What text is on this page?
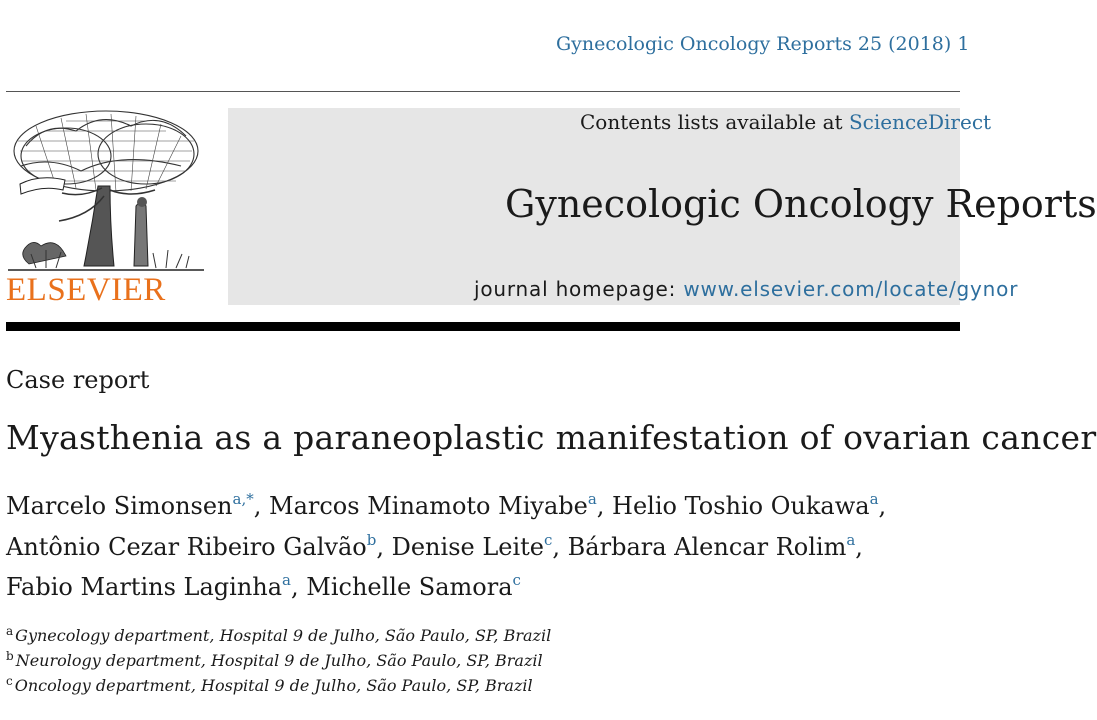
Gynecologic Oncology Reports 25 (2018) 1
ELSEVIER
Contents lists available at ScienceDirect
Gynecologic Oncology Reports
journal homepage: www.elsevier.com/locate/gynor
Case report
Myasthenia as a paraneoplastic manifestation of ovarian cancer
Marcelo Simonsen$^{a,*}$, Marcos Minamoto Miyabe$^a$, Helio Toshio Oukawa$^a$,
Antônio Cezar Ribeiro Galvão$^b$, Denise Leite$^c$, Bárbara Alencar Rolim$^a$,
Fabio Martins Laginha$^a$, Michelle Samora$^c$
$^a$ Gynecology department, Hospital 9 de Julho, São Paulo, SP, Brazil
$^b$ Neurology department, Hospital 9 de Julho, São Paulo, SP, Brazil
$^c$ Oncology department, Hospital 9 de Julho, São Paulo, SP, Brazil
